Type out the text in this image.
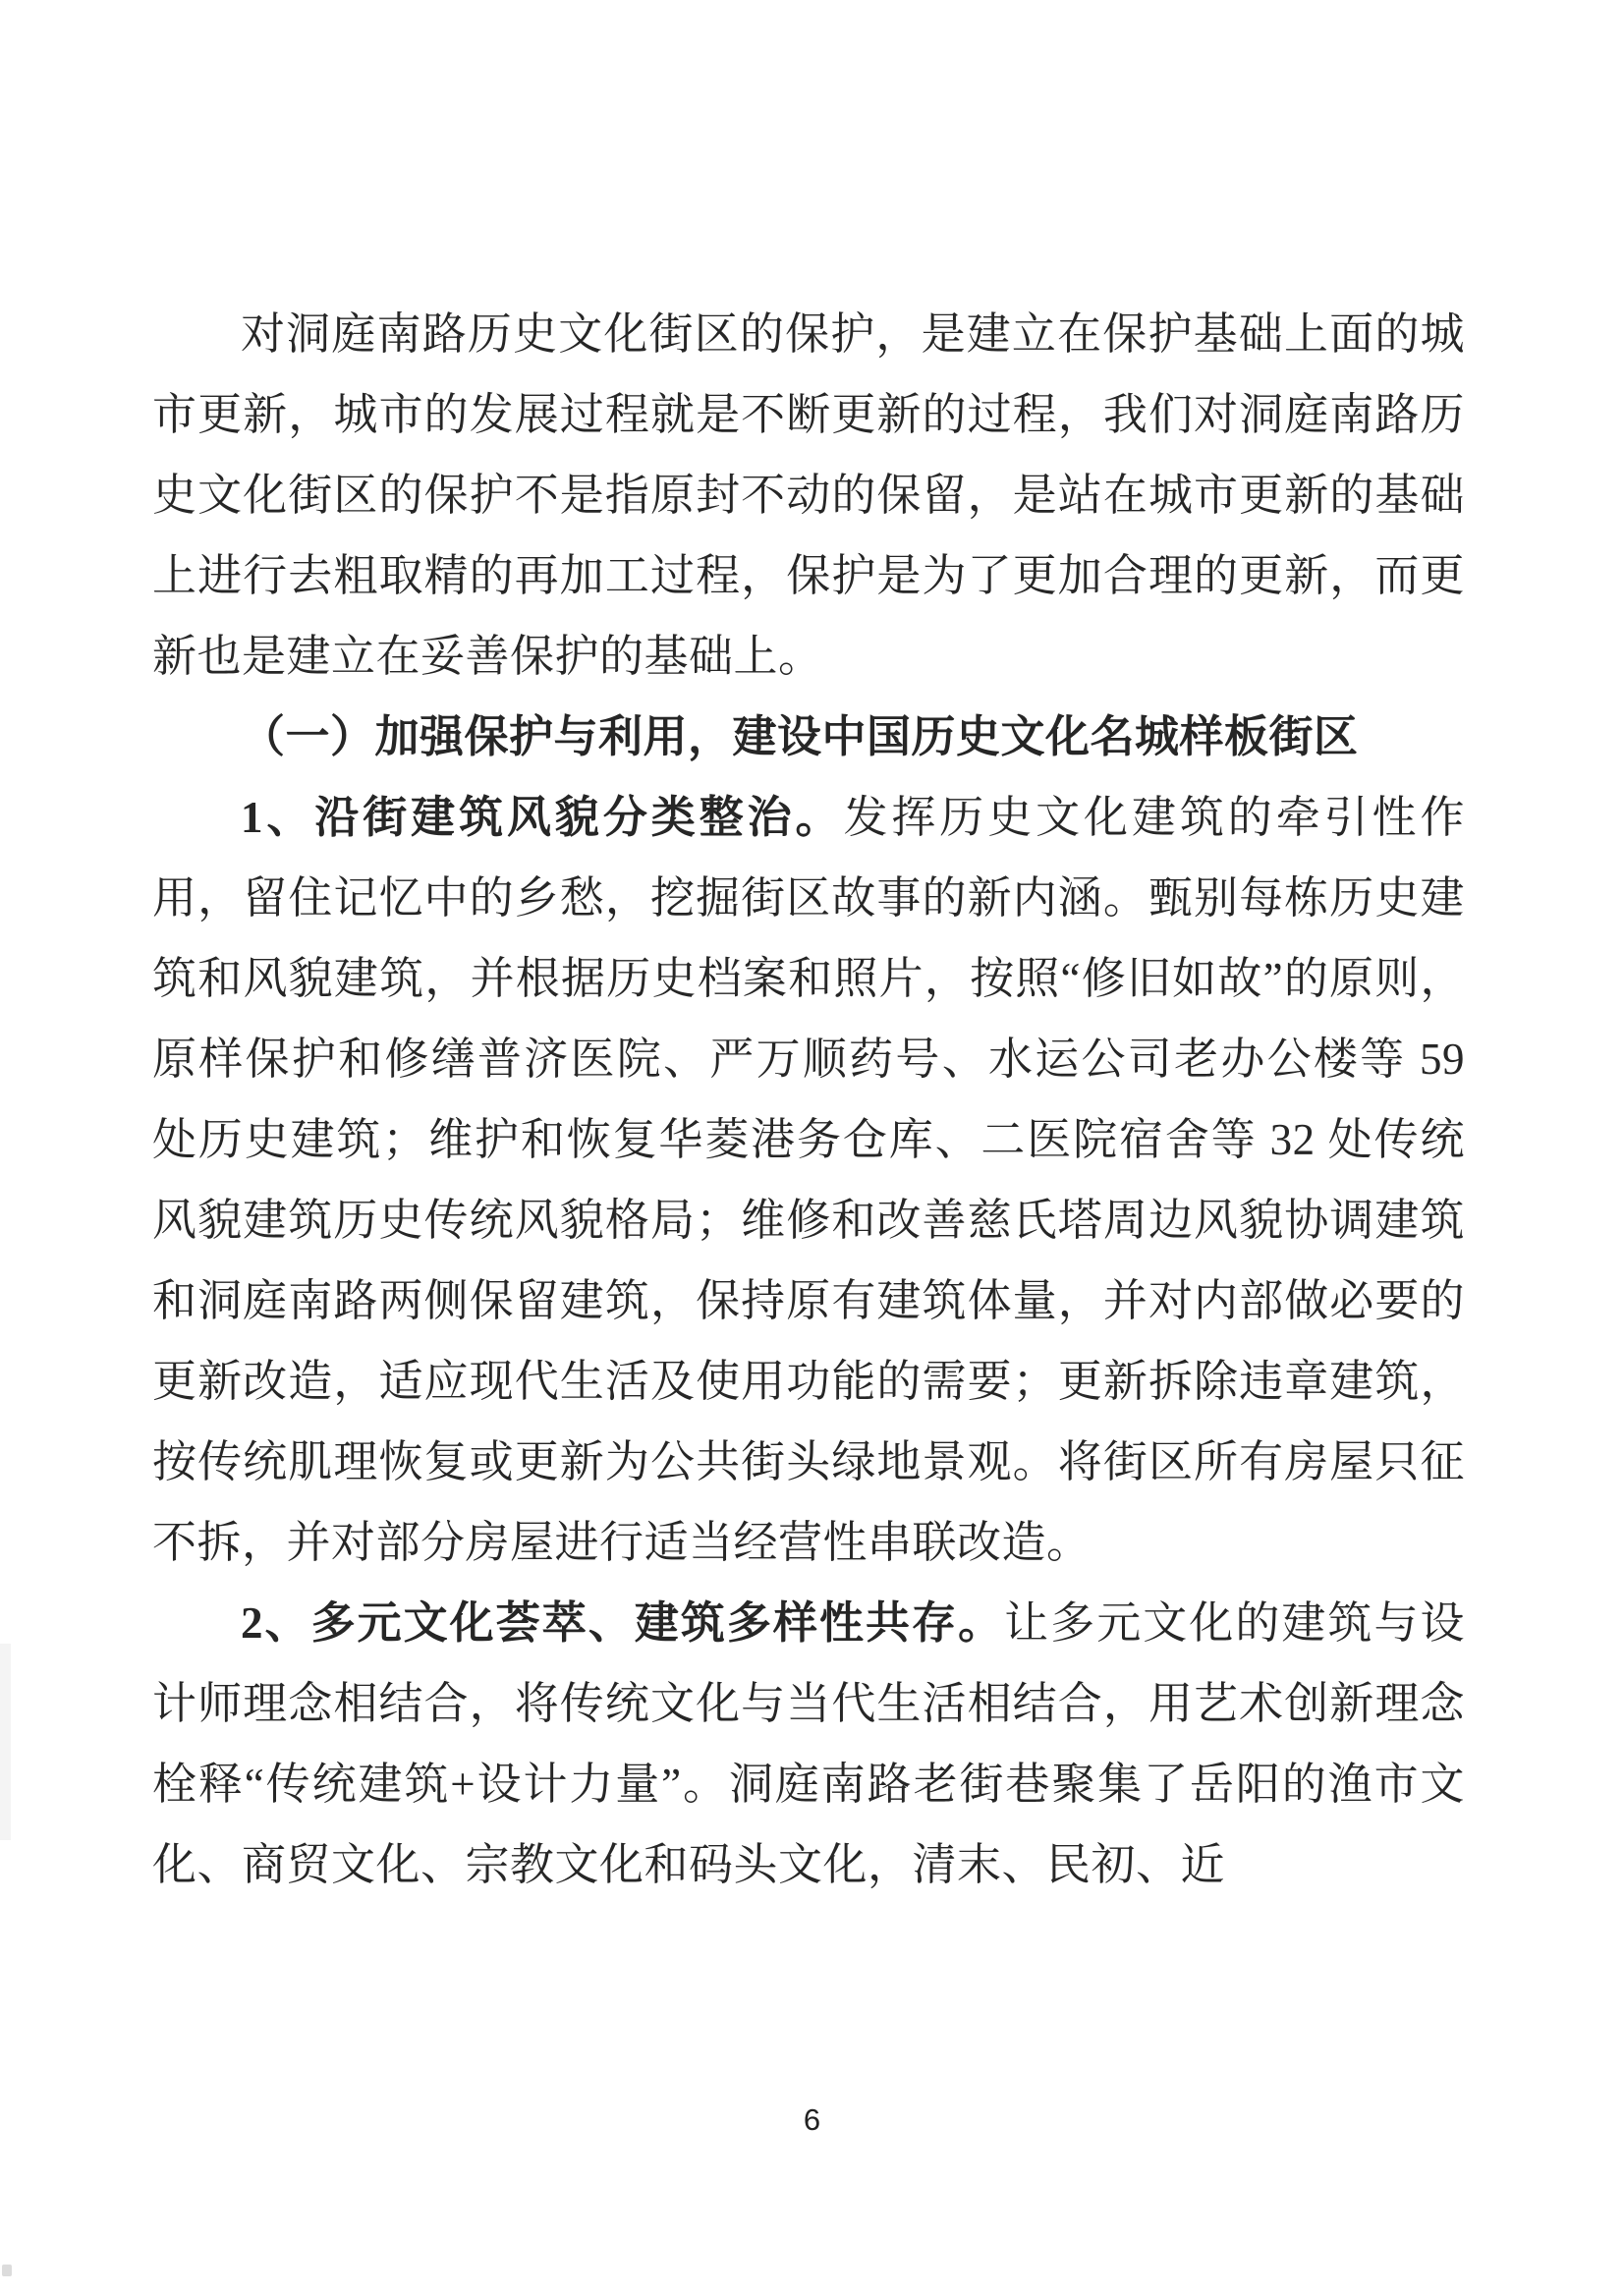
对洞庭南路历史文化街区的保护，是建立在保护基础上面的城市更新，城市的发展过程就是不断更新的过程，我们对洞庭南路历史文化街区的保护不是指原封不动的保留，是站在城市更新的基础上进行去粗取精的再加工过程，保护是为了更加合理的更新，而更新也是建立在妥善保护的基础上。

（一）加强保护与利用，建设中国历史文化名城样板街区

1、沿街建筑风貌分类整治。发挥历史文化建筑的牵引性作用，留住记忆中的乡愁，挖掘街区故事的新内涵。甄别每栋历史建筑和风貌建筑，并根据历史档案和照片，按照“修旧如故”的原则，原样保护和修缮普济医院、严万顺药号、水运公司老办公楼等 59 处历史建筑；维护和恢复华菱港务仓库、二医院宿舍等 32 处传统风貌建筑历史传统风貌格局；维修和改善慈氏塔周边风貌协调建筑和洞庭南路两侧保留建筑，保持原有建筑体量，并对内部做必要的更新改造，适应现代生活及使用功能的需要；更新拆除违章建筑，按传统肌理恢复或更新为公共街头绿地景观。将街区所有房屋只征不拆，并对部分房屋进行适当经营性串联改造。

2、多元文化荟萃、建筑多样性共存。让多元文化的建筑与设计师理念相结合，将传统文化与当代生活相结合，用艺术创新理念栓释“传统建筑+设计力量”。洞庭南路老街巷聚集了岳阳的渔市文化、商贸文化、宗教文化和码头文化，清末、民初、近

6
